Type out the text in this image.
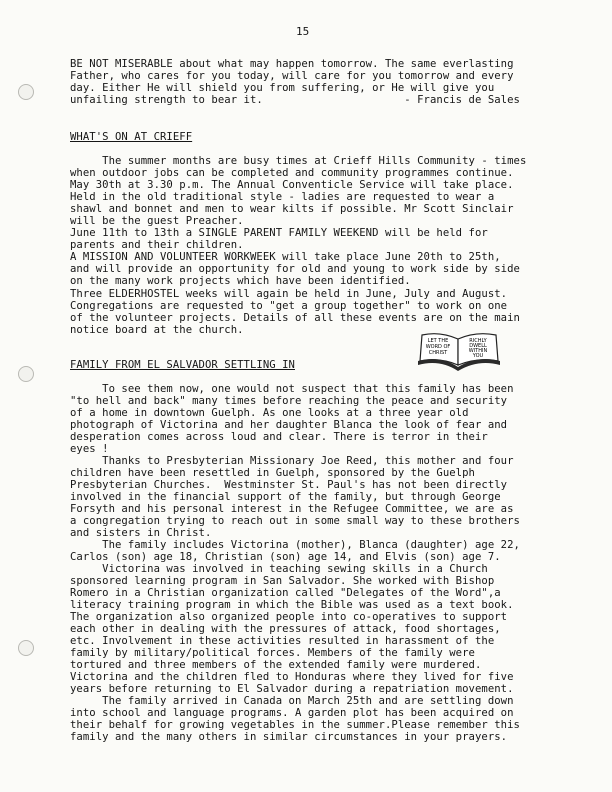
15
BE NOT MISERABLE about what may happen tomorrow. The same everlasting
Father, who cares for you today, will care for you tomorrow and every
day. Either He will shield you from suffering, or He will give you
unfailing strength to bear it.                      - Francis de Sales
WHAT'S ON AT CRIEFF
The summer months are busy times at Crieff Hills Community - times
when outdoor jobs can be completed and community programmes continue.
May 30th at 3.30 p.m. The Annual Conventicle Service will take place.
Held in the old traditional style - ladies are requested to wear a
shawl and bonnet and men to wear kilts if possible. Mr Scott Sinclair
will be the guest Preacher.
June 11th to 13th a SINGLE PARENT FAMILY WEEKEND will be held for
parents and their children.
A MISSION AND VOLUNTEER WORKWEEK will take place June 20th to 25th,
and will provide an opportunity for old and young to work side by side
on the many work projects which have been identified.
Three ELDERHOSTEL weeks will again be held in June, July and August.
Congregations are requested to "get a group together" to work on one
of the volunteer projects. Details of all these events are on the main
notice board at the church.
LET THE
WORD OF
CHRIST
RICHLY
DWELL
WITHIN
YOU
FAMILY FROM EL SALVADOR SETTLING IN
To see them now, one would not suspect that this family has been
"to hell and back" many times before reaching the peace and security
of a home in downtown Guelph. As one looks at a three year old
photograph of Victorina and her daughter Blanca the look of fear and
desperation comes across loud and clear. There is terror in their
eyes !
Thanks to Presbyterian Missionary Joe Reed, this mother and four
children have been resettled in Guelph, sponsored by the Guelph
Presbyterian Churches.  Westminster St. Paul's has not been directly
involved in the financial support of the family, but through George
Forsyth and his personal interest in the Refugee Committee, we are as
a congregation trying to reach out in some small way to these brothers
and sisters in Christ.
The family includes Victorina (mother), Blanca (daughter) age 22,
Carlos (son) age 18, Christian (son) age 14, and Elvis (son) age 7.
Victorina was involved in teaching sewing skills in a Church
sponsored learning program in San Salvador. She worked with Bishop
Romero in a Christian organization called "Delegates of the Word",a
literacy training program in which the Bible was used as a text book.
The organization also organized people into co-operatives to support
each other in dealing with the pressures of attack, food shortages,
etc. Involvement in these activities resulted in harassment of the
family by military/political forces. Members of the family were
tortured and three members of the extended family were murdered.
Victorina and the children fled to Honduras where they lived for five
years before returning to El Salvador during a repatriation movement.
The family arrived in Canada on March 25th and are settling down
into school and language programs. A garden plot has been acquired on
their behalf for growing vegetables in the summer.Please remember this
family and the many others in similar circumstances in your prayers.
